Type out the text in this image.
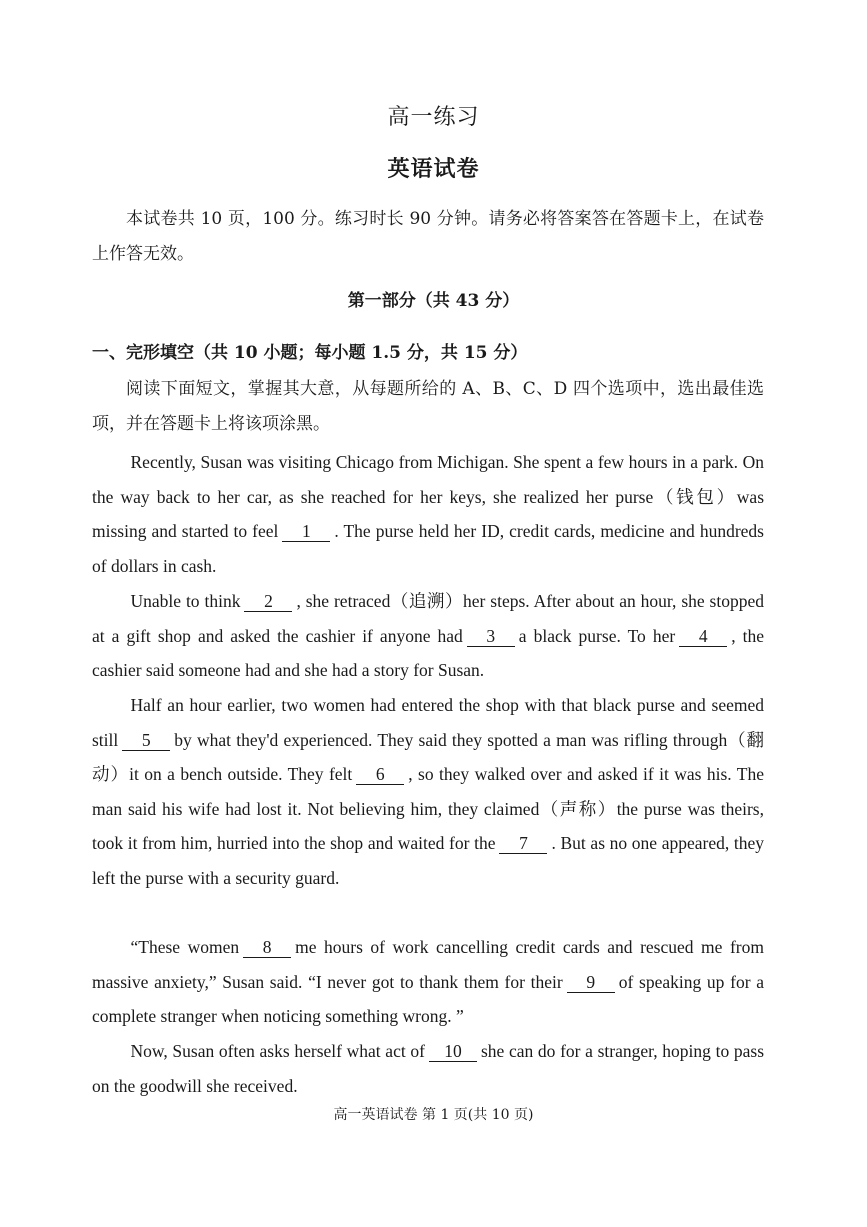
高一练习
英语试卷

本试卷共 10 页，100 分。练习时长 90 分钟。请务必将答案答在答题卡上，在试卷上作答无效。

第一部分（共 43 分）
一、完形填空（共 10 小题；每小题 1.5 分，共 15 分）

阅读下面短文，掌握其大意，从每题所给的 A、B、C、D 四个选项中，选出最佳选项，并在答题卡上将该项涂黑。

Recently, Susan was visiting Chicago from Michigan. She spent a few hours in a park. On the way back to her car, as she reached for her keys, she realized her purse（钱包）was missing and started to feel 1 . The purse held her ID, credit cards, medicine and hundreds of dollars in cash.

Unable to think 2 , she retraced（追溯）her steps. After about an hour, she stopped at a gift shop and asked the cashier if anyone had 3 a black purse. To her 4 , the cashier said someone had and she had a story for Susan.

Half an hour earlier, two women had entered the shop with that black purse and seemed still 5 by what they'd experienced. They said they spotted a man was rifling through（翻动）it on a bench outside. They felt 6 , so they walked over and asked if it was his. The man said his wife had lost it. Not believing him, they claimed（声称）the purse was theirs, took it from him, hurried into the shop and waited for the 7 . But as no one appeared, they left the purse with a security guard.

“These women 8 me hours of work cancelling credit cards and rescued me from massive anxiety,” Susan said. “I never got to thank them for their 9 of speaking up for a complete stranger when noticing something wrong. ”

Now, Susan often asks herself what act of 10 she can do for a stranger, hoping to pass on the goodwill she received.

高一英语试卷 第 1 页(共 10 页)
